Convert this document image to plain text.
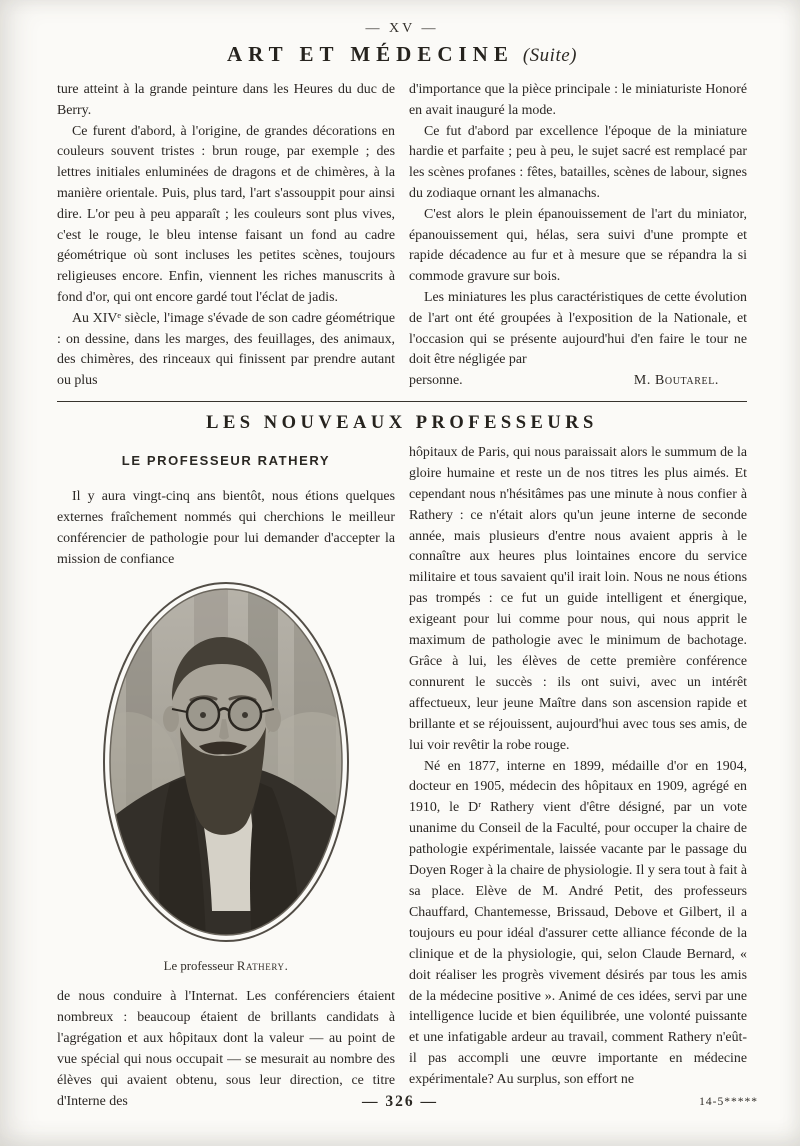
— XV —
ART ET MÉDECINE (Suite)

ture atteint à la grande peinture dans les Heures du duc de Berry.

Ce furent d'abord, à l'origine, de grandes décorations en couleurs souvent tristes : brun rouge, par exemple ; des lettres initiales enluminées de dragons et de chimères, à la manière orientale. Puis, plus tard, l'art s'assouppit pour ainsi dire. L'or peu à peu apparaît ; les couleurs sont plus vives, c'est le rouge, le bleu intense faisant un fond au cadre géométrique où sont incluses les petites scènes, toujours religieuses encore. Enfin, viennent les riches manuscrits à fond d'or, qui ont encore gardé tout l'éclat de jadis.

Au XIVᵉ siècle, l'image s'évade de son cadre géométrique : on dessine, dans les marges, des feuillages, des animaux, des chimères, des rinceaux qui finissent par prendre autant ou plus

d'importance que la pièce principale : le miniaturiste Honoré en avait inauguré la mode.

Ce fut d'abord par excellence l'époque de la miniature hardie et parfaite ; peu à peu, le sujet sacré est remplacé par les scènes profanes : fêtes, batailles, scènes de labour, signes du zodiaque ornant les almanachs.

C'est alors le plein épanouissement de l'art du miniator, épanouissement qui, hélas, sera suivi d'une prompte et rapide décadence au fur et à mesure que se répandra la si commode gravure sur bois.

Les miniatures les plus caractéristiques de cette évolution de l'art ont été groupées à l'exposition de la Nationale, et l'occasion qui se présente aujourd'hui d'en faire le tour ne doit être négligée par

personne.	M. Boutarel.
LES NOUVEAUX PROFESSEURS
LE PROFESSEUR RATHERY

Il y aura vingt-cinq ans bientôt, nous étions quelques externes fraîchement nommés qui cherchions le meilleur conférencier de pathologie pour lui demander d'accepter la mission de confiance

Le professeur Rathery.

de nous conduire à l'Internat. Les conférenciers étaient nombreux : beaucoup étaient de brillants candidats à l'agrégation et aux hôpitaux dont la valeur — au point de vue spécial qui nous occupait — se mesurait au nombre des élèves qui avaient obtenu, sous leur direction, ce titre d'Interne des

hôpitaux de Paris, qui nous paraissait alors le summum de la gloire humaine et reste un de nos titres les plus aimés. Et cependant nous n'hésitâmes pas une minute à nous confier à Rathery : ce n'était alors qu'un jeune interne de seconde année, mais plusieurs d'entre nous avaient appris à le connaître aux heures plus lointaines encore du service militaire et tous savaient qu'il irait loin. Nous ne nous étions pas trompés : ce fut un guide intelligent et énergique, exigeant pour lui comme pour nous, qui nous apprit le maximum de pathologie avec le minimum de bachotage. Grâce à lui, les élèves de cette première conférence connurent le succès : ils ont suivi, avec un intérêt affectueux, leur jeune Maître dans son ascension rapide et brillante et se réjouissent, aujourd'hui avec tous ses amis, de lui voir revêtir la robe rouge.

Né en 1877, interne en 1899, médaille d'or en 1904, docteur en 1905, médecin des hôpitaux en 1909, agrégé en 1910, le Dʳ Rathery vient d'être désigné, par un vote unanime du Conseil de la Faculté, pour occuper la chaire de pathologie expérimentale, laissée vacante par le passage du Doyen Roger à la chaire de physiologie. Il y sera tout à fait à sa place. Elève de M. André Petit, des professeurs Chauffard, Chantemesse, Brissaud, Debove et Gilbert, il a toujours eu pour idéal d'assurer cette alliance féconde de la clinique et de la physiologie, qui, selon Claude Bernard, « doit réaliser les progrès vivement désirés par tous les amis de la médecine positive ». Animé de ces idées, servi par une intelligence lucide et bien équilibrée, une volonté puissante et une infatigable ardeur au travail, comment Rathery n'eût-il pas accompli une œuvre importante en médecine expérimentale? Au surplus, son effort ne

— 326 —	14-5*****
